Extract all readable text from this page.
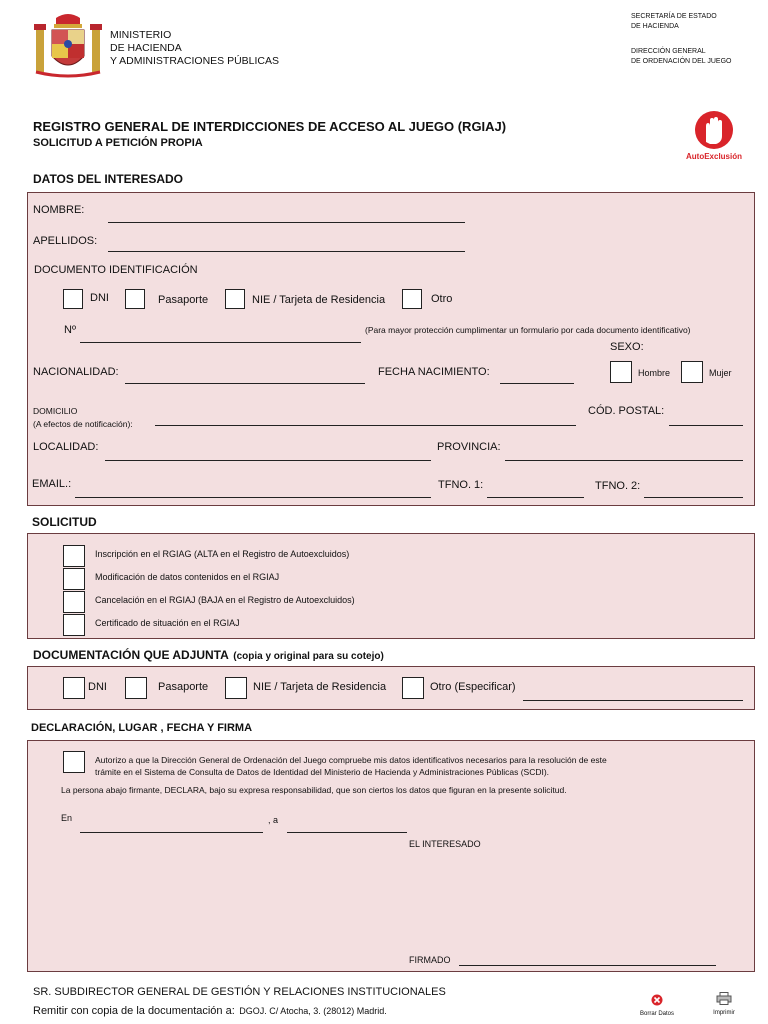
MINISTERIO
DE HACIENDA
Y ADMINISTRACIONES PÚBLICAS
SECRETARÍA DE ESTADO
DE HACIENDA
DIRECCIÓN GENERAL
DE ORDENACIÓN DEL JUEGO
REGISTRO GENERAL DE INTERDICCIONES DE ACCESO AL JUEGO (RGIAJ)
SOLICITUD A PETICIÓN PROPIA
AutoExclusión
DATOS DEL INTERESADO
NOMBRE:
APELLIDOS:
DOCUMENTO IDENTIFICACIÓN
DNI	Pasaporte	NIE / Tarjeta de Residencia	Otro
Nº	(Para mayor protección cumplimentar un formulario por cada documento identificativo)
SEXO:
NACIONALIDAD:	FECHA NACIMIENTO:	Hombre	Mujer
DOMICILIO
(A efectos de notificación):
CÓD. POSTAL:
LOCALIDAD:	PROVINCIA:
EMAIL.:	TFNO. 1:	TFNO. 2:
SOLICITUD
Inscripción en el RGIAG (ALTA en el Registro de Autoexcluidos)
Modificación de datos contenidos en el RGIAJ
Cancelación en el RGIAJ (BAJA en el Registro de Autoexcluidos)
Certificado de situación en el RGIAJ
DOCUMENTACIÓN QUE ADJUNTA (copia y original para su cotejo)
DNI	Pasaporte	NIE / Tarjeta de Residencia	Otro (Especificar)
DECLARACIÓN, LUGAR , FECHA Y FIRMA
Autorizo a que la Dirección General de Ordenación del Juego compruebe mis datos identificativos necesarios para la resolución de este
trámite en el Sistema de Consulta de Datos de Identidad del Ministerio de Hacienda y Administraciones Públicas (SCDI).
La persona abajo firmante, DECLARA, bajo su expresa responsabilidad, que son ciertos los datos que figuran en la presente solicitud.
En	, a
EL INTERESADO
FIRMADO
SR. SUBDIRECTOR GENERAL DE GESTIÓN Y RELACIONES INSTITUCIONALES
Remitir con copia de la documentación a: DGOJ. C/ Atocha, 3. (28012) Madrid.	Borrar Datos	Imprimir
